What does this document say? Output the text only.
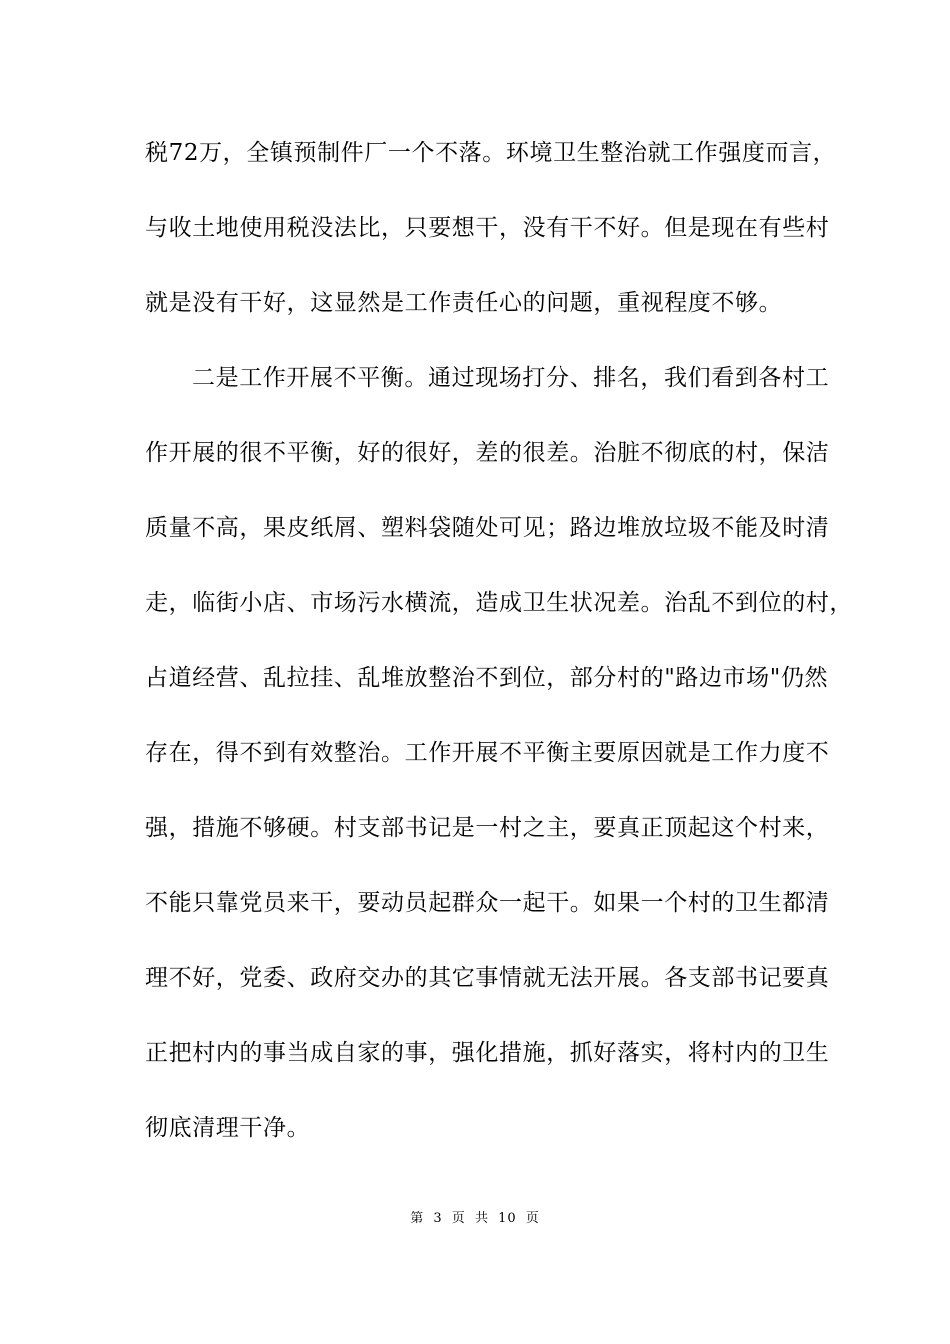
税72万，全镇预制件厂一个不落。环境卫生整治就工作强度而言，
与收土地使用税没法比，只要想干，没有干不好。但是现在有些村
就是没有干好，这显然是工作责任心的问题，重视程度不够。
二是工作开展不平衡。通过现场打分、排名，我们看到各村工
作开展的很不平衡，好的很好，差的很差。治脏不彻底的村，保洁
质量不高，果皮纸屑、塑料袋随处可见；路边堆放垃圾不能及时清
走，临街小店、市场污水横流，造成卫生状况差。治乱不到位的村，
占道经营、乱拉挂、乱堆放整治不到位，部分村的"路边市场"仍然
存在，得不到有效整治。工作开展不平衡主要原因就是工作力度不
强，措施不够硬。村支部书记是一村之主，要真正顶起这个村来，
不能只靠党员来干，要动员起群众一起干。如果一个村的卫生都清
理不好，党委、政府交办的其它事情就无法开展。各支部书记要真
正把村内的事当成自家的事，强化措施，抓好落实，将村内的卫生
彻底清理干净。
第 3 页 共 10 页
